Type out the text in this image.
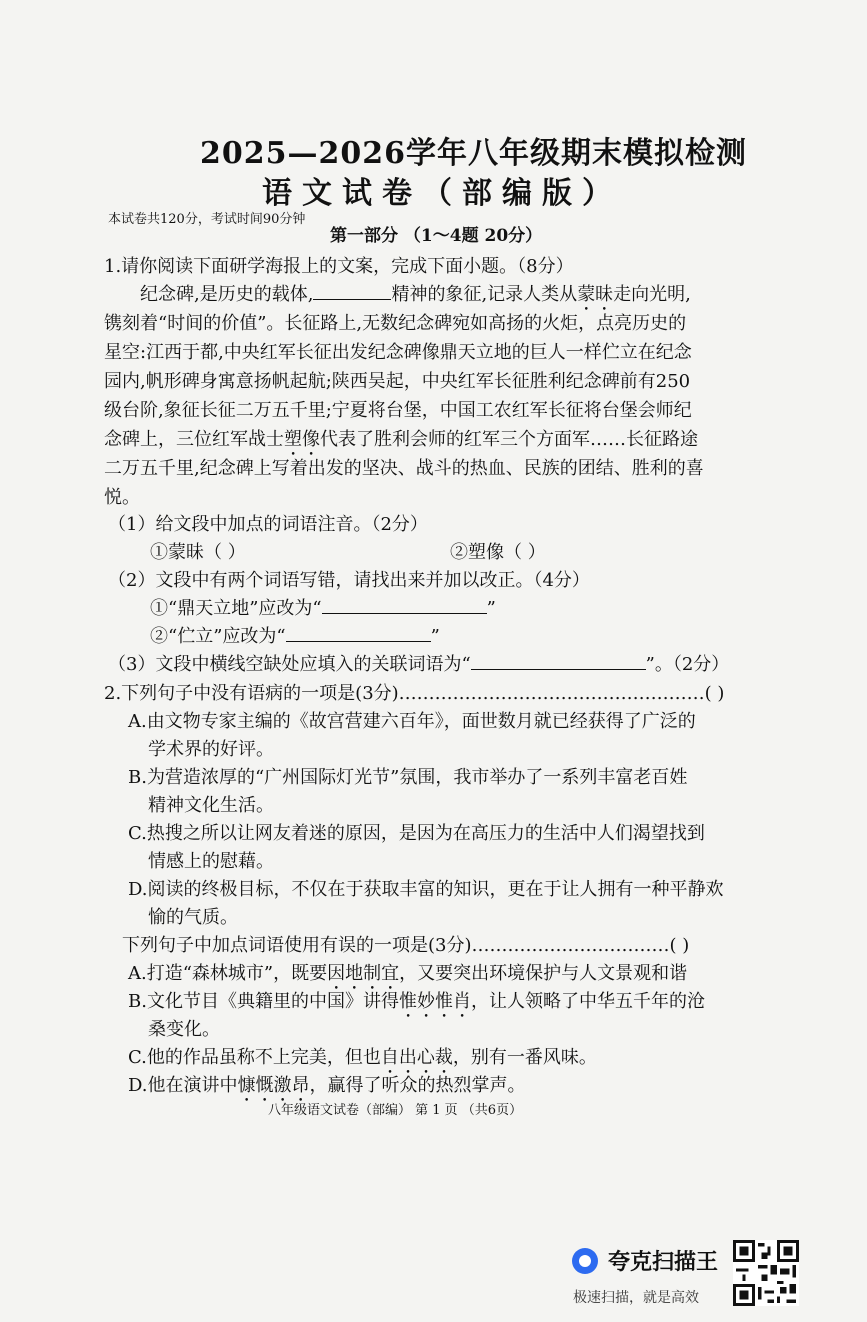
2025—2026学年八年级期末模拟检测
语文试卷（部编版）
本试卷共120分，考试时间90分钟
第一部分 （1～4题 20分）
1.请你阅读下面研学海报上的文案，完成下面小题。（8分）
纪念碑,是历史的载体,	精神的象征,记录人类从蒙昧走向光明,
镌刻着“时间的价值”。长征路上,无数纪念碑宛如高扬的火炬，点亮历史的
星空:江西于都,中央红军长征出发纪念碑像鼎天立地的巨人一样伫立在纪念
园内,帆形碑身寓意扬帆起航;陕西吴起，中央红军长征胜利纪念碑前有250
级台阶,象征长征二万五千里;宁夏将台堡，中国工农红军长征将台堡会师纪
念碑上，三位红军战士塑像代表了胜利会师的红军三个方面军……长征路途
二万五千里,纪念碑上写着出发的坚决、战斗的热血、民族的团结、胜利的喜
悦。
（1）给文段中加点的词语注音。（2分）
①蒙昧（ ）	②塑像（ ）
（2）文段中有两个词语写错，请找出来并加以改正。（4分）
①“鼎天立地”应改为“	”
②“伫立”应改为“	”
（3）文段中横线空缺处应填入的关联词语为“	”。（2分）
2.下列句子中没有语病的一项是(3分)……………………………………………( )
A.由文物专家主编的《故宫营建六百年》，面世数月就已经获得了广泛的
学术界的好评。
B.为营造浓厚的“广州国际灯光节”氛围，我市举办了一系列丰富老百姓
精神文化生活。
C.热搜之所以让网友着迷的原因，是因为在高压力的生活中人们渴望找到
情感上的慰藉。
D.阅读的终极目标，不仅在于获取丰富的知识，更在于让人拥有一种平静欢
愉的气质。
下列句子中加点词语使用有误的一项是(3分)……………………………( )
A.打造“森林城市”，既要因地制宜，又要突出环境保护与人文景观和谐
B.文化节目《典籍里的中国》讲得惟妙惟肖，让人领略了中华五千年的沧
桑变化。
C.他的作品虽称不上完美，但也自出心裁，别有一番风味。
八年级语文试卷（部编） 第 1 页 （共6页）
夸克扫描王
极速扫描，就是高效
D.他在演讲中慷慨激昂，赢得了听众的热烈掌声。
